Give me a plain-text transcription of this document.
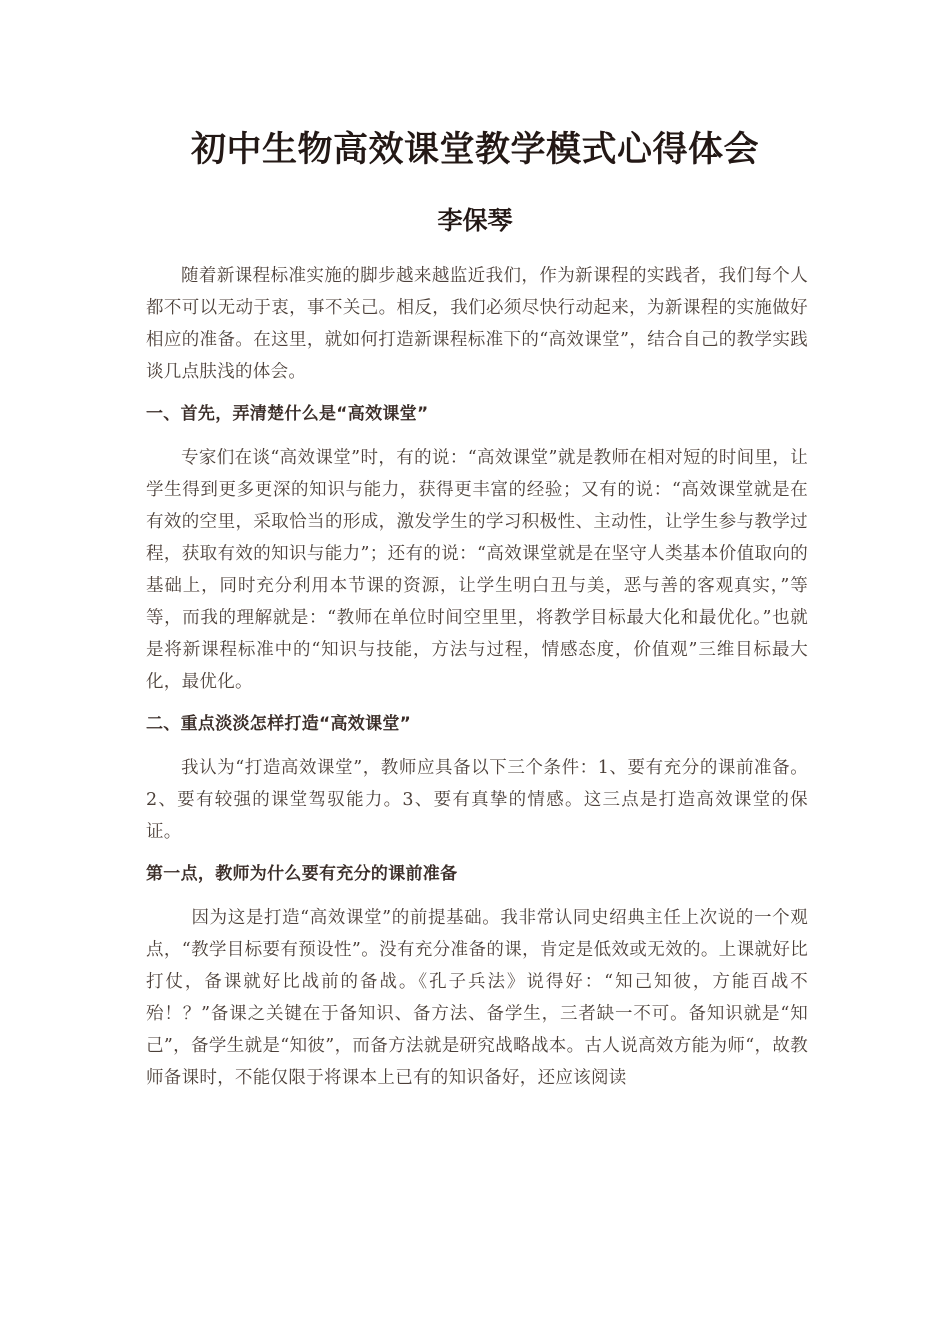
初中生物高效课堂教学模式心得体会
李保琴

随着新课程标准实施的脚步越来越监近我们，作为新课程的实践者，我们每个人都不可以无动于衷，事不关己。相反，我们必须尽快行动起来，为新课程的实施做好相应的准备。在这里，就如何打造新课程标准下的“高效课堂”，结合自己的教学实践谈几点肤浅的体会。

一、首先，弄清楚什么是“高效课堂”

专家们在谈“高效课堂”时，有的说：“高效课堂”就是教师在相对短的时间里，让学生得到更多更深的知识与能力，获得更丰富的经验；又有的说：“高效课堂就是在有效的空里，采取恰当的形成，激发学生的学习积极性、主动性，让学生参与教学过程，获取有效的知识与能力”；还有的说：“高效课堂就是在坚守人类基本价值取向的基础上，同时充分利用本节课的资源，让学生明白丑与美，恶与善的客观真实，”等等，而我的理解就是：“教师在单位时间空里里，将教学目标最大化和最优化。”也就是将新课程标准中的“知识与技能，方法与过程，情感态度，价值观”三维目标最大化，最优化。

二、重点淡淡怎样打造“高效课堂”

我认为“打造高效课堂”，教师应具备以下三个条件：1、要有充分的课前准备。2、要有较强的课堂驾驭能力。3、要有真挚的情感。这三点是打造高效课堂的保证。

第一点，教师为什么要有充分的课前准备

因为这是打造“高效课堂”的前提基础。我非常认同史绍典主任上次说的一个观点，“教学目标要有预设性”。没有充分准备的课，肯定是低效或无效的。上课就好比打仗，备课就好比战前的备战。《孔子兵法》说得好：“知己知彼，方能百战不殆！？”备课之关键在于备知识、备方法、备学生，三者缺一不可。备知识就是“知己”，备学生就是“知彼”，而备方法就是研究战略战本。古人说高效方能为师“，故教师备课时，不能仅限于将课本上已有的知识备好，还应该阅读
